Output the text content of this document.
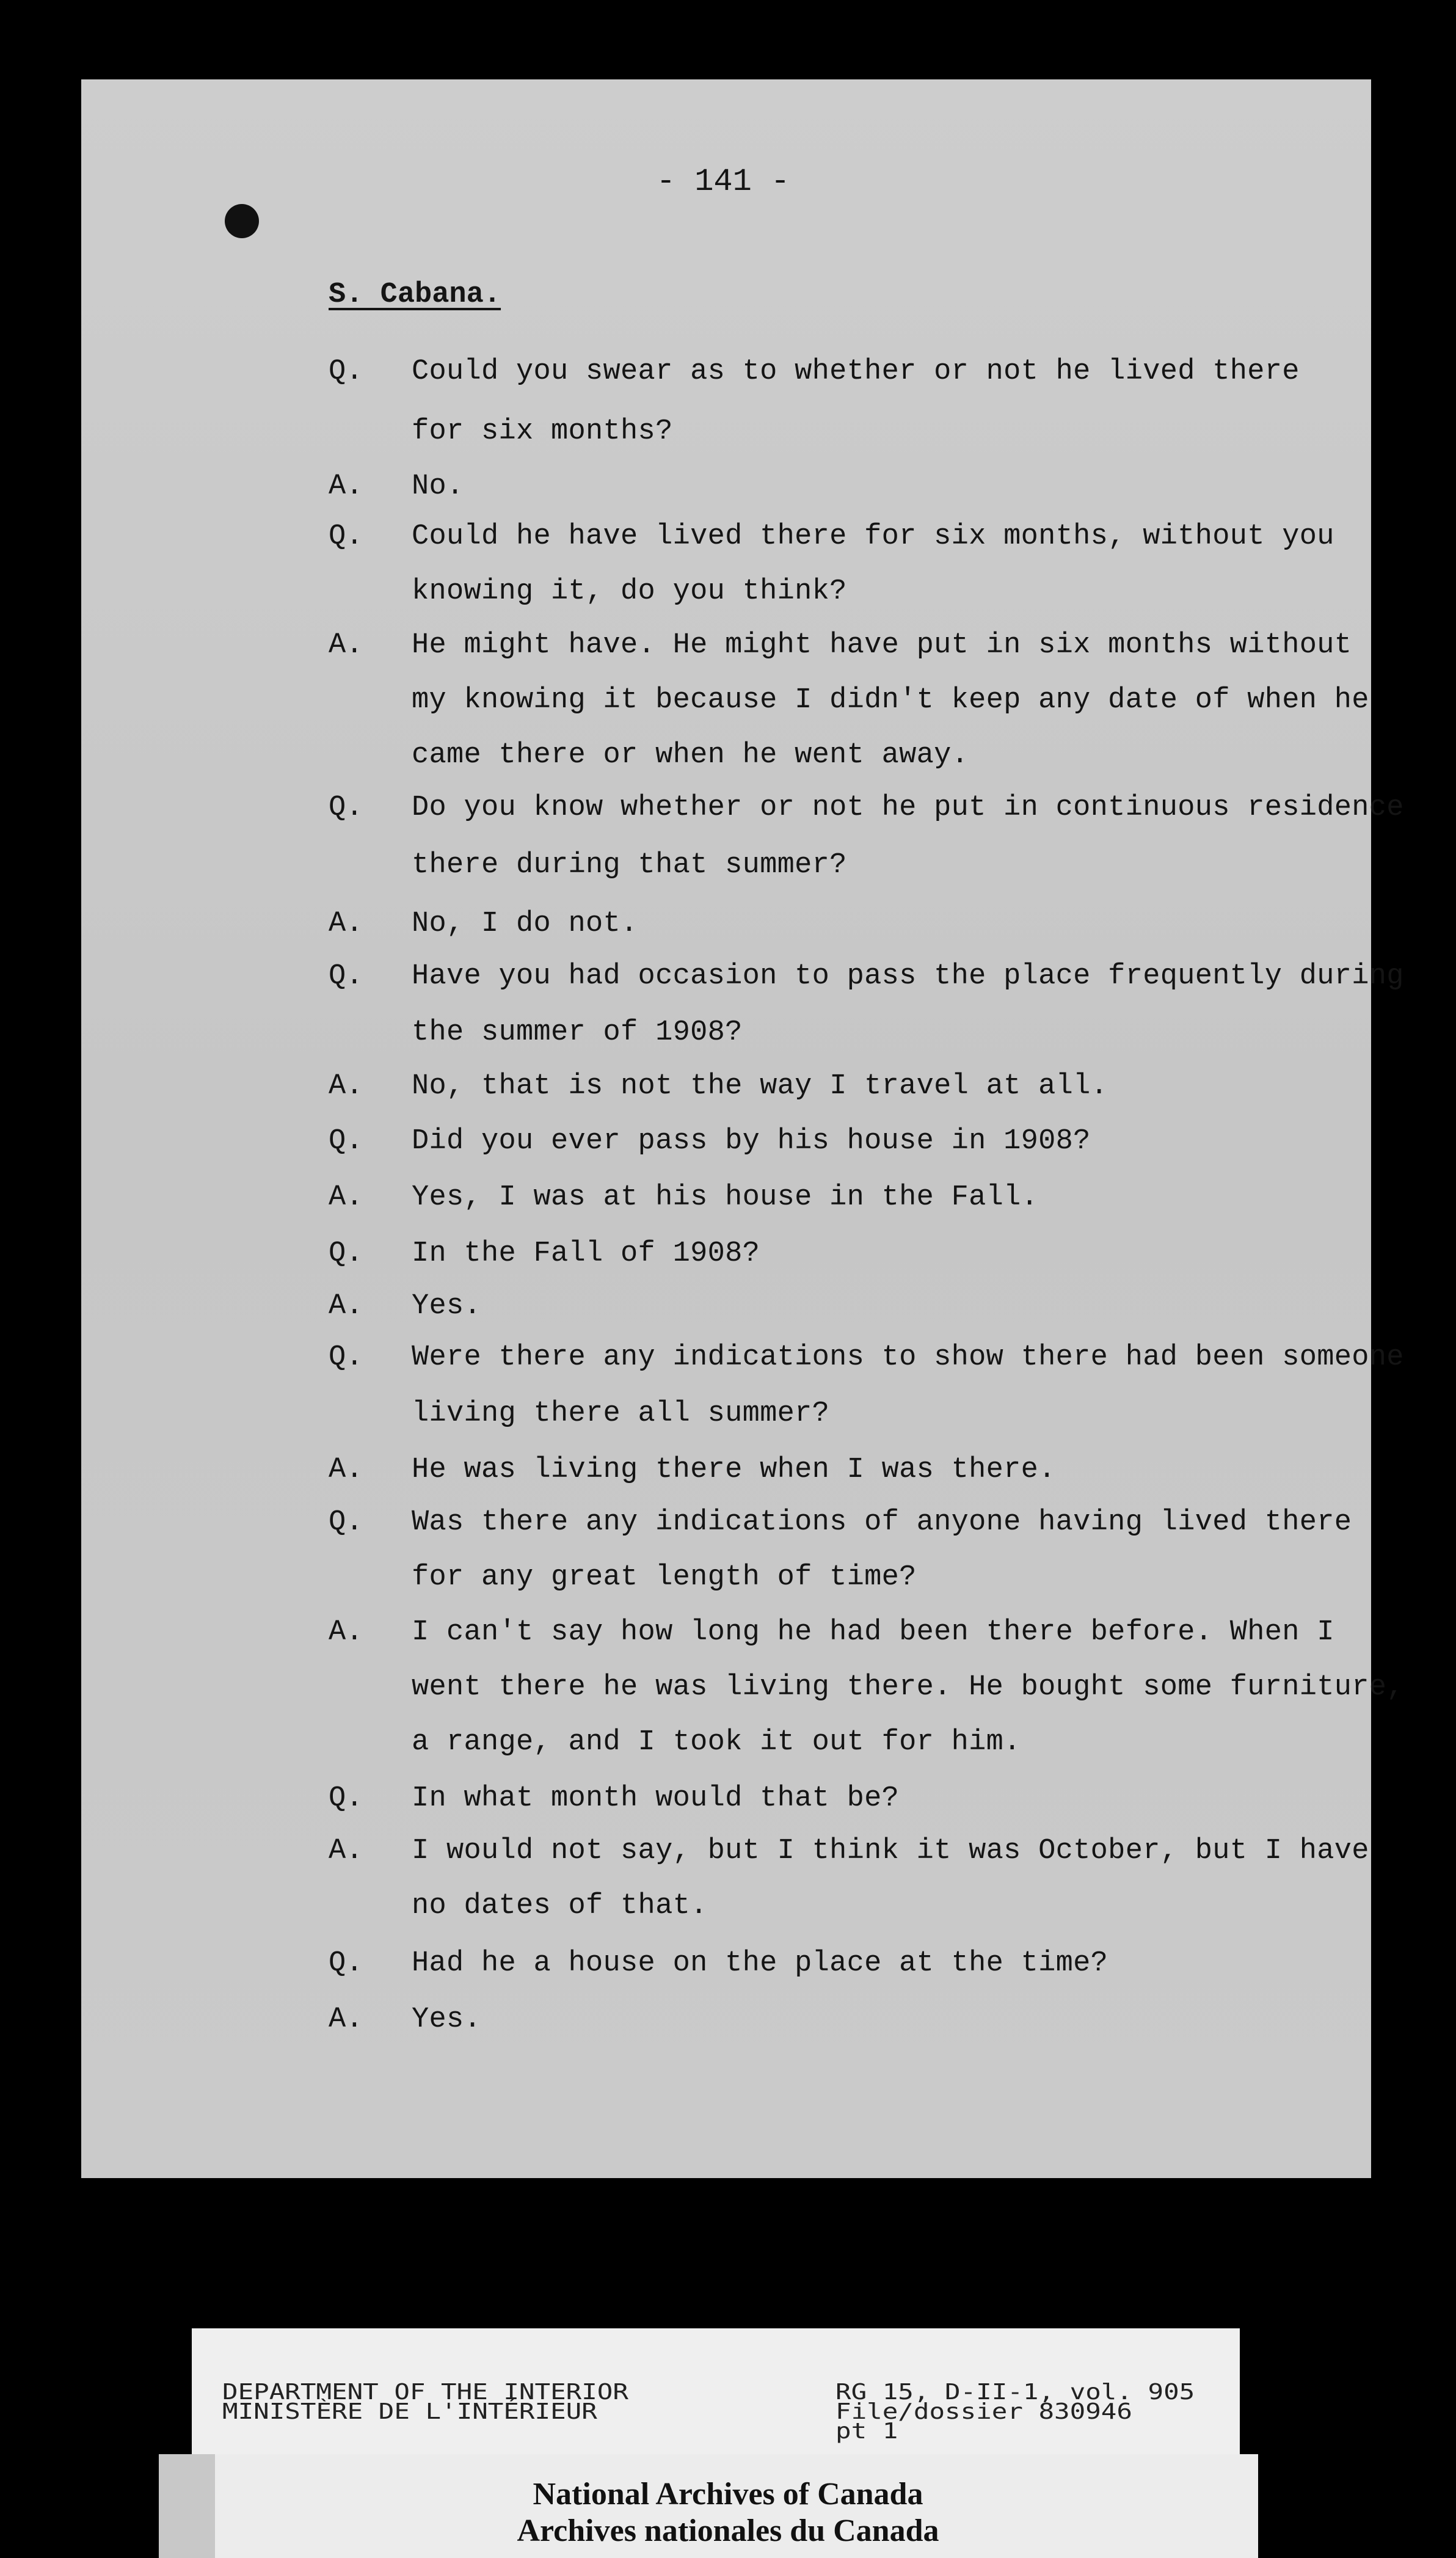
- 141 -
S. Cabana.
Q. Could you swear as to whether or not he lived there
for six months?
A. No.
Q. Could he have lived there for six months, without you
knowing it, do you think?
A. He might have. He might have put in six months without
my knowing it because I didn't keep any date of when he
came there or when he went away.
Q. Do you know whether or not he put in continuous residence
there during that summer?
A. No, I do not.
Q. Have you had occasion to pass the place frequently during
the summer of 1908?
A. No, that is not the way I travel at all.
Q. Did you ever pass by his house in 1908?
A. Yes, I was at his house in the Fall.
Q. In the Fall of 1908?
A. Yes.
Q. Were there any indications to show there had been someone
living there all summer?
A. He was living there when I was there.
Q. Was there any indications of anyone having lived there
for any great length of time?
A. I can't say how long he had been there before. When I
went there he was living there. He bought some furniture,
a range, and I took it out for him.
Q. In what month would that be?
A. I would not say, but I think it was October, but I have
no dates of that.
Q. Had he a house on the place at the time?
A. Yes.
DEPARTMENT OF THE INTERIOR
MINISTÈRE DE L'INTÉRIEUR
RG 15, D-II-1, vol. 905
File/dossier 830946
pt 1
National Archives of Canada
Archives nationales du Canada
